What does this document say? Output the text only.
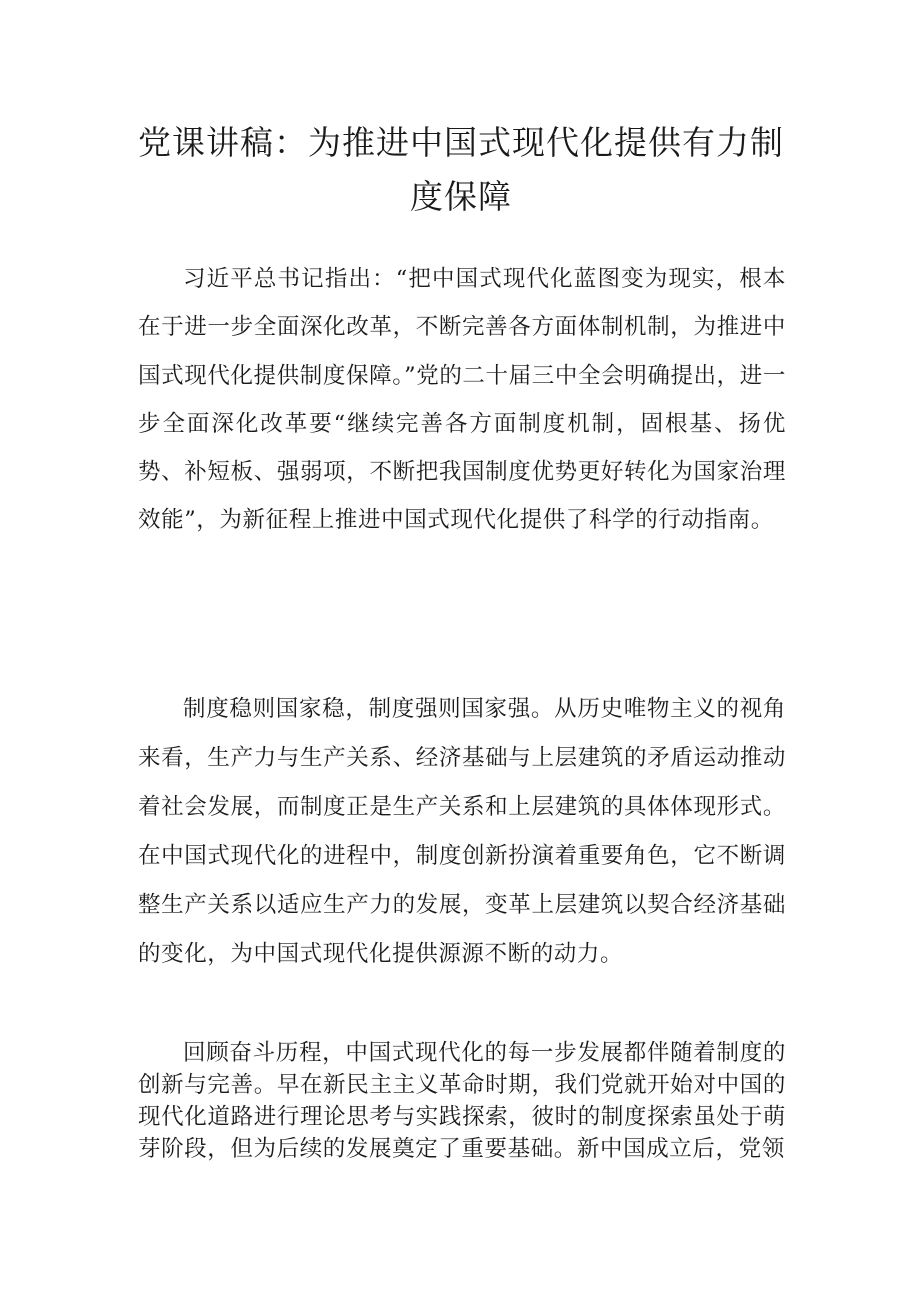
党课讲稿：为推进中国式现代化提供有力制度保障

习近平总书记指出：“把中国式现代化蓝图变为现实，根本在于进一步全面深化改革，不断完善各方面体制机制，为推进中国式现代化提供制度保障。”党的二十届三中全会明确提出，进一步全面深化改革要“继续完善各方面制度机制，固根基、扬优势、补短板、强弱项，不断把我国制度优势更好转化为国家治理效能”，为新征程上推进中国式现代化提供了科学的行动指南。

制度稳则国家稳，制度强则国家强。从历史唯物主义的视角来看，生产力与生产关系、经济基础与上层建筑的矛盾运动推动着社会发展，而制度正是生产关系和上层建筑的具体体现形式。在中国式现代化的进程中，制度创新扮演着重要角色，它不断调整生产关系以适应生产力的发展，变革上层建筑以契合经济基础的变化，为中国式现代化提供源源不断的动力。

回顾奋斗历程，中国式现代化的每一步发展都伴随着制度的创新与完善。早在新民主主义革命时期，我们党就开始对中国的现代化道路进行理论思考与实践探索，彼时的制度探索虽处于萌芽阶段，但为后续的发展奠定了重要基础。新中国成立后，党领
